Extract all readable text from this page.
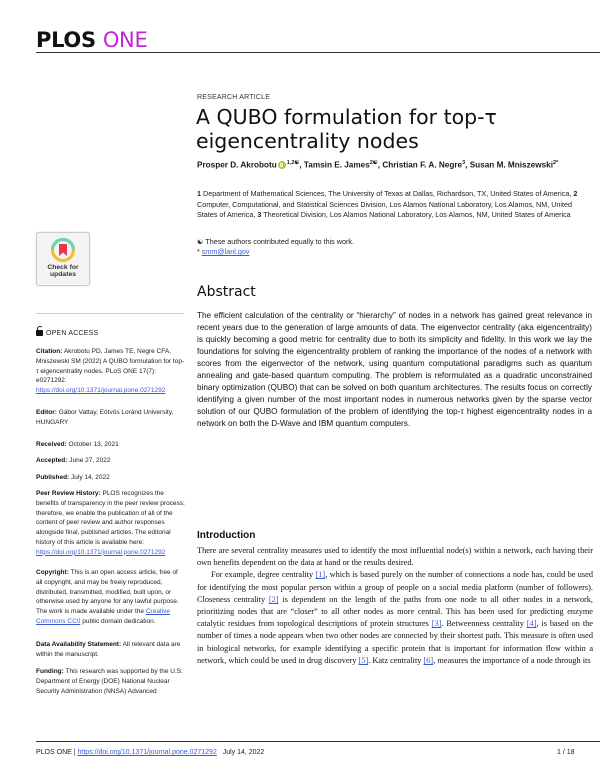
PLOS ONE
Check for
updates
OPEN ACCESS
Citation: Akrobotu PD, James TE, Negre CFA, Mniszewski SM (2022) A QUBO formulation for top-τ eigencentrality nodes. PLoS ONE 17(7): e0271292. https://doi.org/10.1371/journal.pone.0271292
Editor: Gábor Vattay, Eötvös Loránd University, HUNGARY
Received: October 13, 2021
Accepted: June 27, 2022
Published: July 14, 2022
Peer Review History: PLOS recognizes the benefits of transparency in the peer review process; therefore, we enable the publication of all of the content of peer review and author responses alongside final, published articles. The editorial history of this article is available here: https://doi.org/10.1371/journal.pone.0271292
Copyright: This is an open access article, free of all copyright, and may be freely reproduced, distributed, transmitted, modified, built upon, or otherwise used by anyone for any lawful purpose. The work is made available under the Creative Commons CC0 public domain dedication.
Data Availability Statement: All relevant data are within the manuscript.
Funding: This research was supported by the U.S. Department of Energy (DOE) National Nuclear Security Administration (NNSA) Advanced
RESEARCH ARTICLE
A QUBO formulation for top-τ eigencentrality nodes
Prosper D. Akrobotu $^{1,2☯}$, Tamsin E. James$^{2☯}$, Christian F. A. Negre$^3$, Susan M. Mniszewski$^{2*}$
1 Department of Mathematical Sciences, The University of Texas at Dallas, Richardson, TX, United States of America, 2 Computer, Computational, and Statistical Sciences Division, Los Alamos National Laboratory, Los Alamos, NM, United States of America, 3 Theoretical Division, Los Alamos National Laboratory, Los Alamos, NM, United States of America
☯ These authors contributed equally to this work.
* smm@lanl.gov
Abstract
The efficient calculation of the centrality or “hierarchy” of nodes in a network has gained great relevance in recent years due to the generation of large amounts of data. The eigenvector centrality (aka eigencentrality) is quickly becoming a good metric for centrality due to both its simplicity and fidelity. In this work we lay the foundations for solving the eigencentrality problem of ranking the importance of the nodes of a network with scores from the eigenvector of the network, using quantum computational paradigms such as quantum annealing and gate-based quantum computing. The problem is reformulated as a quadratic unconstrained binary optimization (QUBO) that can be solved on both quantum architectures. The results focus on correctly identifying a given number of the most important nodes in numerous networks given by the sparse vector solution of our QUBO formulation of the problem of identifying the top-τ highest eigencentrality nodes in a network on both the D-Wave and IBM quantum computers.
Introduction

There are several centrality measures used to identify the most influential node(s) within a network, each having their own benefits dependent on the data at hand or the results desired.

For example, degree centrality [1], which is based purely on the number of connections a node has, could be used for identifying the most popular person within a group of people on a social media platform (number of followers). Closeness centrality [2] is dependent on the length of the paths from one node to all other nodes in a network, prioritizing nodes that are “closer” to all other nodes as more central. This has been used for predicting enzyme catalytic residues from topological descriptions of protein structures [3]. Betweenness centrality [4], is based on the number of times a node appears when two other nodes are connected by their shortest path. This measure is often used in biological networks, for example identifying a specific protein that is important for information flow within a network, which could be used in drug discovery [5]. Katz centrality [6], measures the importance of a node through its

PLOS ONE | https://doi.org/10.1371/journal.pone.0271292 July 14, 2022	1 / 18
